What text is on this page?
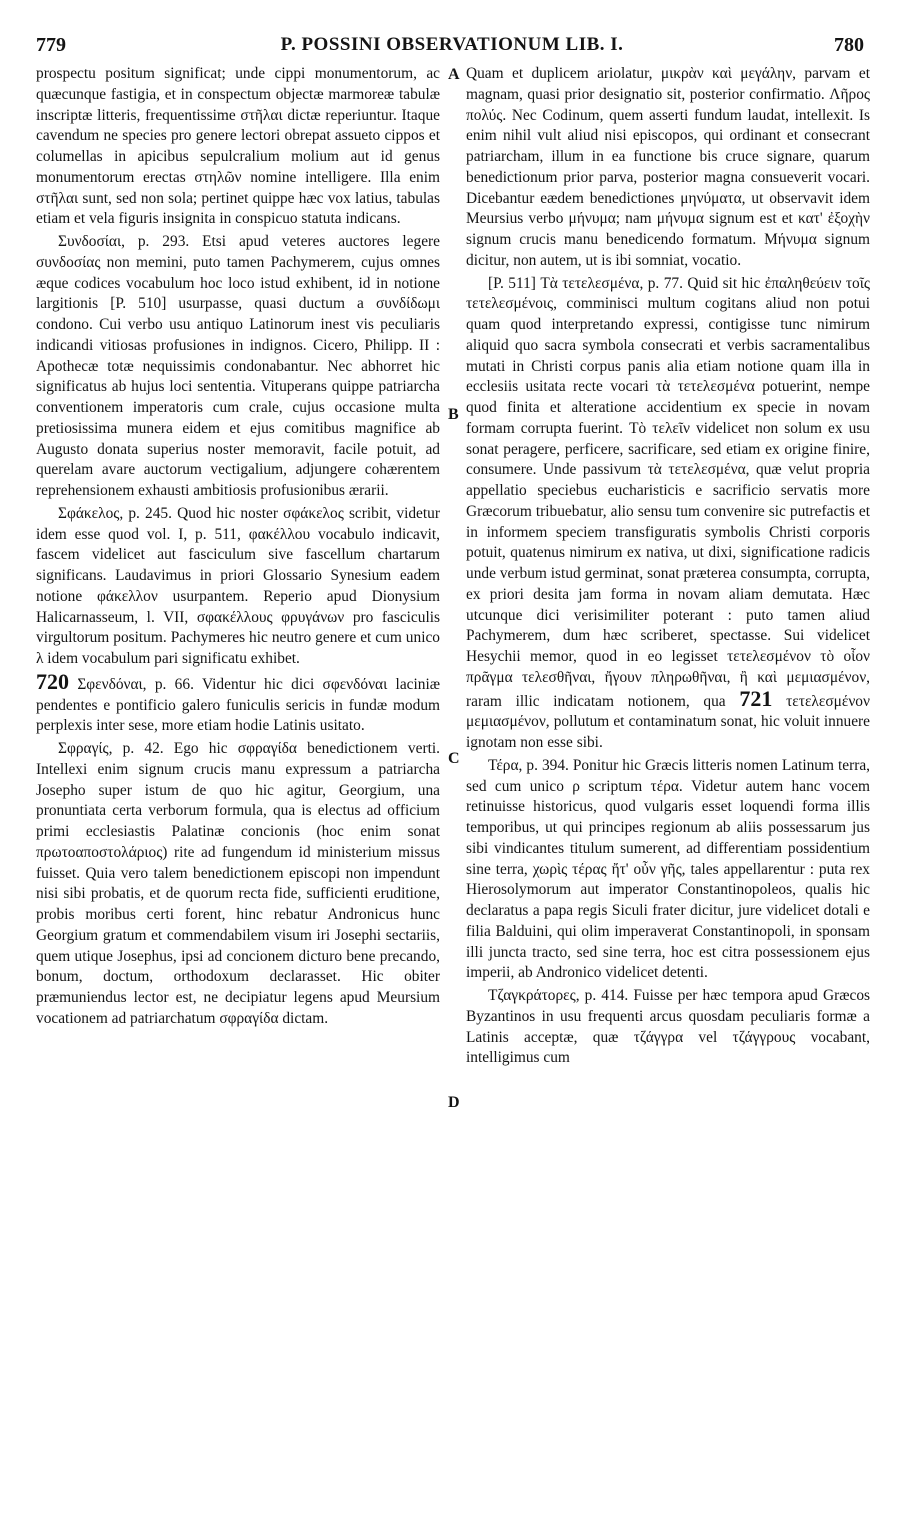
779	P. POSSINI OBSERVATIONUM LIB. I.	780

prospectu positum significat; unde cippi monumentorum, ac quæcunque fastigia, et in conspectum objectæ marmoreæ tabulæ inscriptæ litteris, frequentissime στῆλαι dictæ reperiuntur. Itaque cavendum ne species pro genere lectori obrepat assueto cippos et columellas in apicibus sepulcralium molium aut id genus monumentorum erectas στηλῶν nomine intelligere. Illa enim στῆλαι sunt, sed non sola; pertinet quippe hæc vox latius, tabulas etiam et vela figuris insignita in conspicuo statuta indicans.

Συνδοσίαι, p. 293. Etsi apud veteres auctores legere συνδοσίας non memini, puto tamen Pachymerem, cujus omnes æque codices vocabulum hoc loco istud exhibent, id in notione largitionis [P. 510] usurpasse, quasi ductum a συνδίδωμι condono. Cui verbo usu antiquo Latinorum inest vis peculiaris indicandi vitiosas profusiones in indignos. Cicero, Philipp. II : Apothecæ totæ nequissimis condonabantur. Nec abhorret hic significatus ab hujus loci sententia. Vituperans quippe patriarcha conventionem imperatoris cum crale, cujus occasione multa pretiosissima munera eidem et ejus comitibus magnifice ab Augusto donata superius noster memoravit, facile potuit, ad querelam avare auctorum vectigalium, adjungere cohærentem reprehensionem exhausti ambitiosis profusionibus ærarii.

Σφάκελος, p. 245. Quod hic noster σφάκελος scribit, videtur idem esse quod vol. I, p. 511, φακέλλου vocabulo indicavit, fascem videlicet aut fasciculum sive fascellum chartarum significans. Laudavimus in priori Glossario Synesium eadem notione φάκελλον usurpantem. Reperio apud Dionysium Halicarnasseum, l. VII, σφακέλλους φρυγάνων pro fasciculis virgultorum positum. Pachymeres hic neutro genere et cum unico λ idem vocabulum pari significatu exhibet.

720 Σφενδόναι, p. 66. Videntur hic dici σφενδόναι laciniæ pendentes e pontificio galero funiculis sericis in fundæ modum perplexis inter sese, more etiam hodie Latinis usitato.

Σφραγίς, p. 42. Ego hic σφραγίδα benedictionem verti. Intellexi enim signum crucis manu expressum a patriarcha Josepho super istum de quo hic agitur, Georgium, una pronuntiata certa verborum formula, qua is electus ad officium primi ecclesiastis Palatinæ concionis (hoc enim sonat πρωτοαποστολάριος) rite ad fungendum id ministerium missus fuisset. Quia vero talem benedictionem episcopi non impendunt nisi sibi probatis, et de quorum recta fide, sufficienti eruditione, probis moribus certi forent, hinc rebatur Andronicus hunc Georgium gratum et commendabilem visum iri Josephi sectariis, quem utique Josephus, ipsi ad concionem dicturo bene precando, bonum, doctum, orthodoxum declarasset. Hic obiter præmuniendus lector est, ne decipiatur legens apud Meursium vocationem ad patriarchatum σφραγίδα dictam.

A
B
C
D

Quam et duplicem ariolatur, μικρὰν καὶ μεγάλην, parvam et magnam, quasi prior designatio sit, posterior confirmatio. Λῆρος πολύς. Nec Codinum, quem asserti fundum laudat, intellexit. Is enim nihil vult aliud nisi episcopos, qui ordinant et consecrant patriarcham, illum in ea functione bis cruce signare, quarum benedictionum prior parva, posterior magna consueverit vocari. Dicebantur eædem benedictiones μηνύματα, ut observavit idem Meursius verbo μήνυμα; nam μήνυμα signum est et κατ' ἐξοχὴν signum crucis manu benedicendo formatum. Μήνυμα signum dicitur, non autem, ut is ibi somniat, vocatio.

[P. 511] Τὰ τετελεσμένα, p. 77. Quid sit hic ἐπαληθεύειν τοῖς τετελεσμένοις, comminisci multum cogitans aliud non potui quam quod interpretando expressi, contigisse tunc nimirum aliquid quo sacra symbola consecrati et verbis sacramentalibus mutati in Christi corpus panis alia etiam notione quam illa in ecclesiis usitata recte vocari τὰ τετελεσμένα potuerint, nempe quod finita et alteratione accidentium ex specie in novam formam corrupta fuerint. Τὸ τελεῖν videlicet non solum ex usu sonat peragere, perficere, sacrificare, sed etiam ex origine finire, consumere. Unde passivum τὰ τετελεσμένα, quæ velut propria appellatio speciebus eucharisticis e sacrificio servatis more Græcorum tribuebatur, alio sensu tum convenire sic putrefactis et in informem speciem transfiguratis symbolis Christi corporis potuit, quatenus nimirum ex nativa, ut dixi, significatione radicis unde verbum istud germinat, sonat præterea consumpta, corrupta, ex priori desita jam forma in novam aliam demutata. Hæc utcunque dici verisimiliter poterant : puto tamen aliud Pachymerem, dum hæc scriberet, spectasse. Sui videlicet Hesychii memor, quod in eo legisset τετελεσμένον τὸ οἷον πρᾶγμα τελεσθῆναι, ἤγουν πληρωθῆναι, ἢ καὶ μεμιασμένον, raram illic indicatam notionem, qua 721 τετελεσμένον μεμιασμένον, pollutum et contaminatum sonat, hic voluit innuere ignotam non esse sibi.

Τέρα, p. 394. Ponitur hic Græcis litteris nomen Latinum terra, sed cum unico ρ scriptum τέρα. Videtur autem hanc vocem retinuisse historicus, quod vulgaris esset loquendi forma illis temporibus, ut qui principes regionum ab aliis possessarum jus sibi vindicantes titulum sumerent, ad differentiam possidentium sine terra, χωρὶς τέρας ἤτ' οὖν γῆς, tales appellarentur : puta rex Hierosolymorum aut imperator Constantinopoleos, qualis hic declaratus a papa regis Siculi frater dicitur, jure videlicet dotali e filia Balduini, qui olim imperaverat Constantinopoli, in sponsam illi juncta tracto, sed sine terra, hoc est citra possessionem ejus imperii, ab Andronico videlicet detenti.

Τζαγκράτορες, p. 414. Fuisse per hæc tempora apud Græcos Byzantinos in usu frequenti arcus quosdam peculiaris formæ a Latinis acceptæ, quæ τζάγγρα vel τζάγγρους vocabant, intelligimus cum
